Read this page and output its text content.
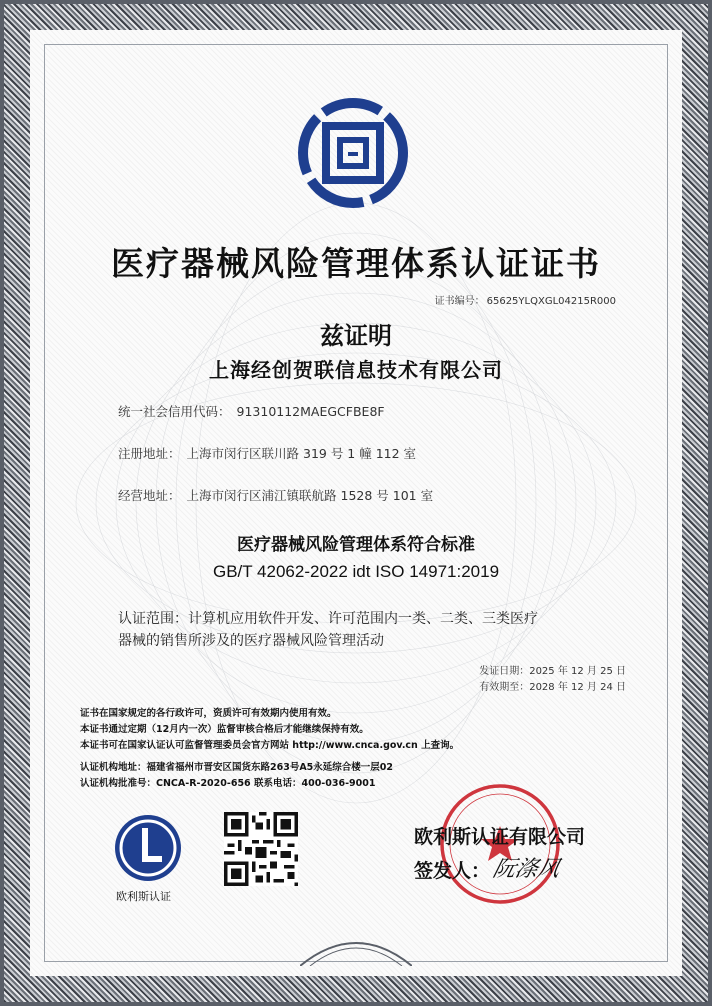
医疗器械风险管理体系认证证书
证书编号： 65625YLQXGL04215R000
兹证明
上海经创贺联信息技术有限公司
统一社会信用代码： 91310112MAEGCFBE8F
注册地址： 上海市闵行区联川路 319 号 1 幢 112 室
经营地址： 上海市闵行区浦江镇联航路 1528 号 101 室
医疗器械风险管理体系符合标准
GB/T 42062-2022 idt ISO 14971:2019
认证范围：计算机应用软件开发、许可范围内一类、二类、三类医疗
器械的销售所涉及的医疗器械风险管理活动
发证日期：2025 年 12 月 25 日
有效期至：2028 年 12 月 24 日
证书在国家规定的各行政许可，资质许可有效期内使用有效。
本证书通过定期（12月内一次）监督审核合格后才能继续保持有效。
本证书可在国家认证认可监督管理委员会官方网站 http://www.cnca.gov.cn 上查询。
认证机构地址：福建省福州市晋安区国货东路263号A5永延综合楼一层02
认证机构批准号：CNCA-R-2020-656 联系电话：400-036-9001
欧利斯认证
欧利斯认证有限公司
签发人： 阮涤风
